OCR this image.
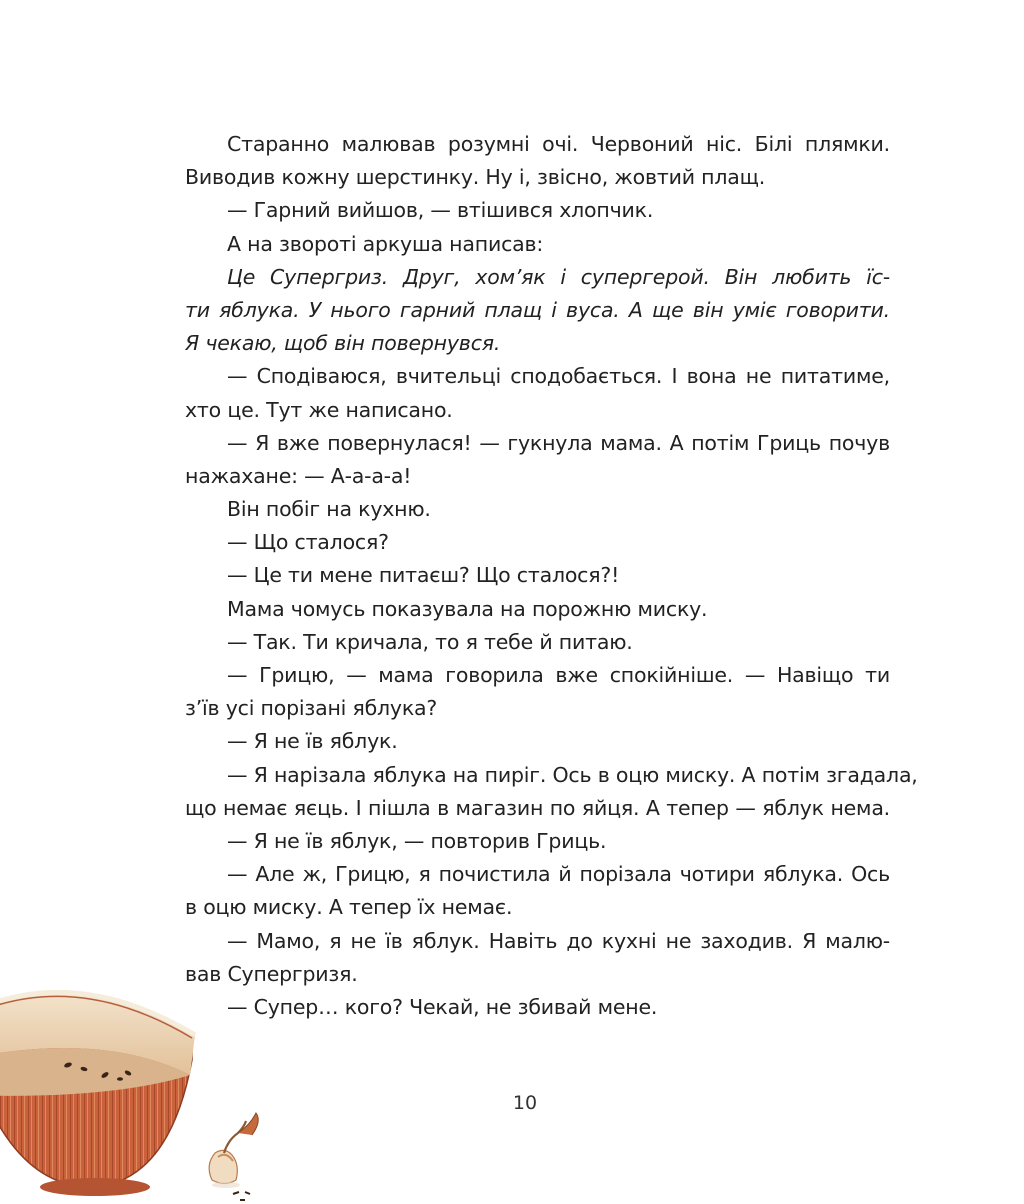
Старанно малював розумні очі. Червоний ніс. Білі плямки.
Виводив кожну шерстинку. Ну і, звісно, жовтий плащ.
— Гарний вийшов, — втішився хлопчик.
А на звороті аркуша написав:
Це Супергриз. Друг, хом’як і супергерой. Він любить їс-
ти яблука. У нього гарний плащ і вуса. А ще він уміє говорити.
Я чекаю, щоб він повернувся.
— Сподіваюся, вчительці сподобається. І вона не питатиме,
хто це. Тут же написано.
— Я вже повернулася! — гукнула мама. А потім Гриць почув
нажахане: — А-а-а-а!
Він побіг на кухню.
— Що сталося?
— Це ти мене питаєш? Що сталося?!
Мама чомусь показувала на порожню миску.
— Так. Ти кричала, то я тебе й питаю.
— Грицю, — мама говорила вже спокійніше. — Навіщо ти
з’їв усі порізані яблука?
— Я не їв яблук.
— Я нарізала яблука на пиріг. Ось в оцю миску. А потім згадала,
що немає яєць. І пішла в магазин по яйця. А тепер — яблук нема.
— Я не їв яблук, — повторив Гриць.
— Але ж, Грицю, я почистила й порізала чотири яблука. Ось
в оцю миску. А тепер їх немає.
— Мамо, я не їв яблук. Навіть до кухні не заходив. Я малю-
вав Супергризя.
— Супер… кого? Чекай, не збивай мене.
10
